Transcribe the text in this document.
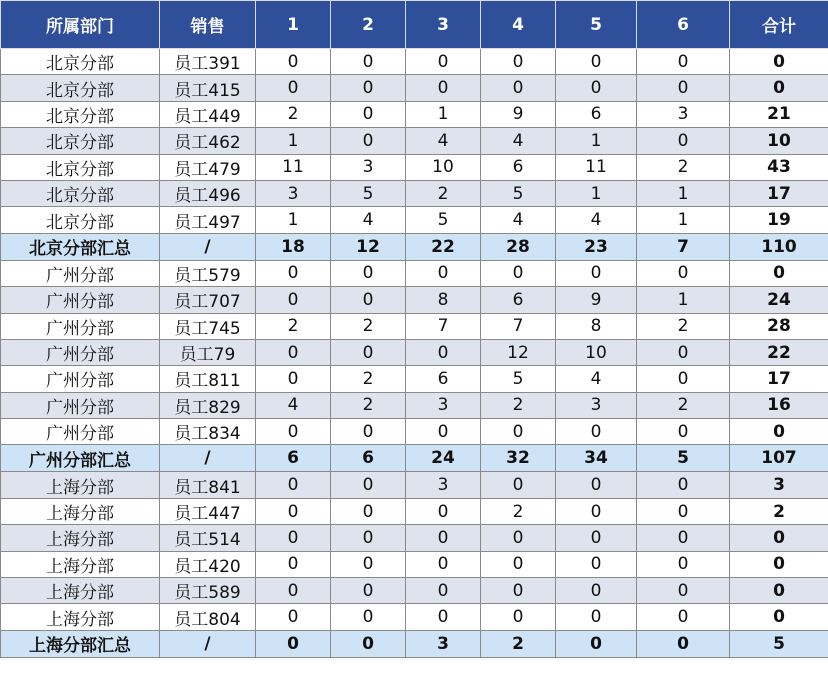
所属部门	销售	1	2	3	4	5	6	合计
北京分部	员工391	0	0	0	0	0	0	0
北京分部	员工415	0	0	0	0	0	0	0
北京分部	员工449	2	0	1	9	6	3	21
北京分部	员工462	1	0	4	4	1	0	10
北京分部	员工479	11	3	10	6	11	2	43
北京分部	员工496	3	5	2	5	1	1	17
北京分部	员工497	1	4	5	4	4	1	19
北京分部汇总	/	18	12	22	28	23	7	110
广州分部	员工579	0	0	0	0	0	0	0
广州分部	员工707	0	0	8	6	9	1	24
广州分部	员工745	2	2	7	7	8	2	28
广州分部	员工79	0	0	0	12	10	0	22
广州分部	员工811	0	2	6	5	4	0	17
广州分部	员工829	4	2	3	2	3	2	16
广州分部	员工834	0	0	0	0	0	0	0
广州分部汇总	/	6	6	24	32	34	5	107
上海分部	员工841	0	0	3	0	0	0	3
上海分部	员工447	0	0	0	2	0	0	2
上海分部	员工514	0	0	0	0	0	0	0
上海分部	员工420	0	0	0	0	0	0	0
上海分部	员工589	0	0	0	0	0	0	0
上海分部	员工804	0	0	0	0	0	0	0
上海分部汇总	/	0	0	3	2	0	0	5
